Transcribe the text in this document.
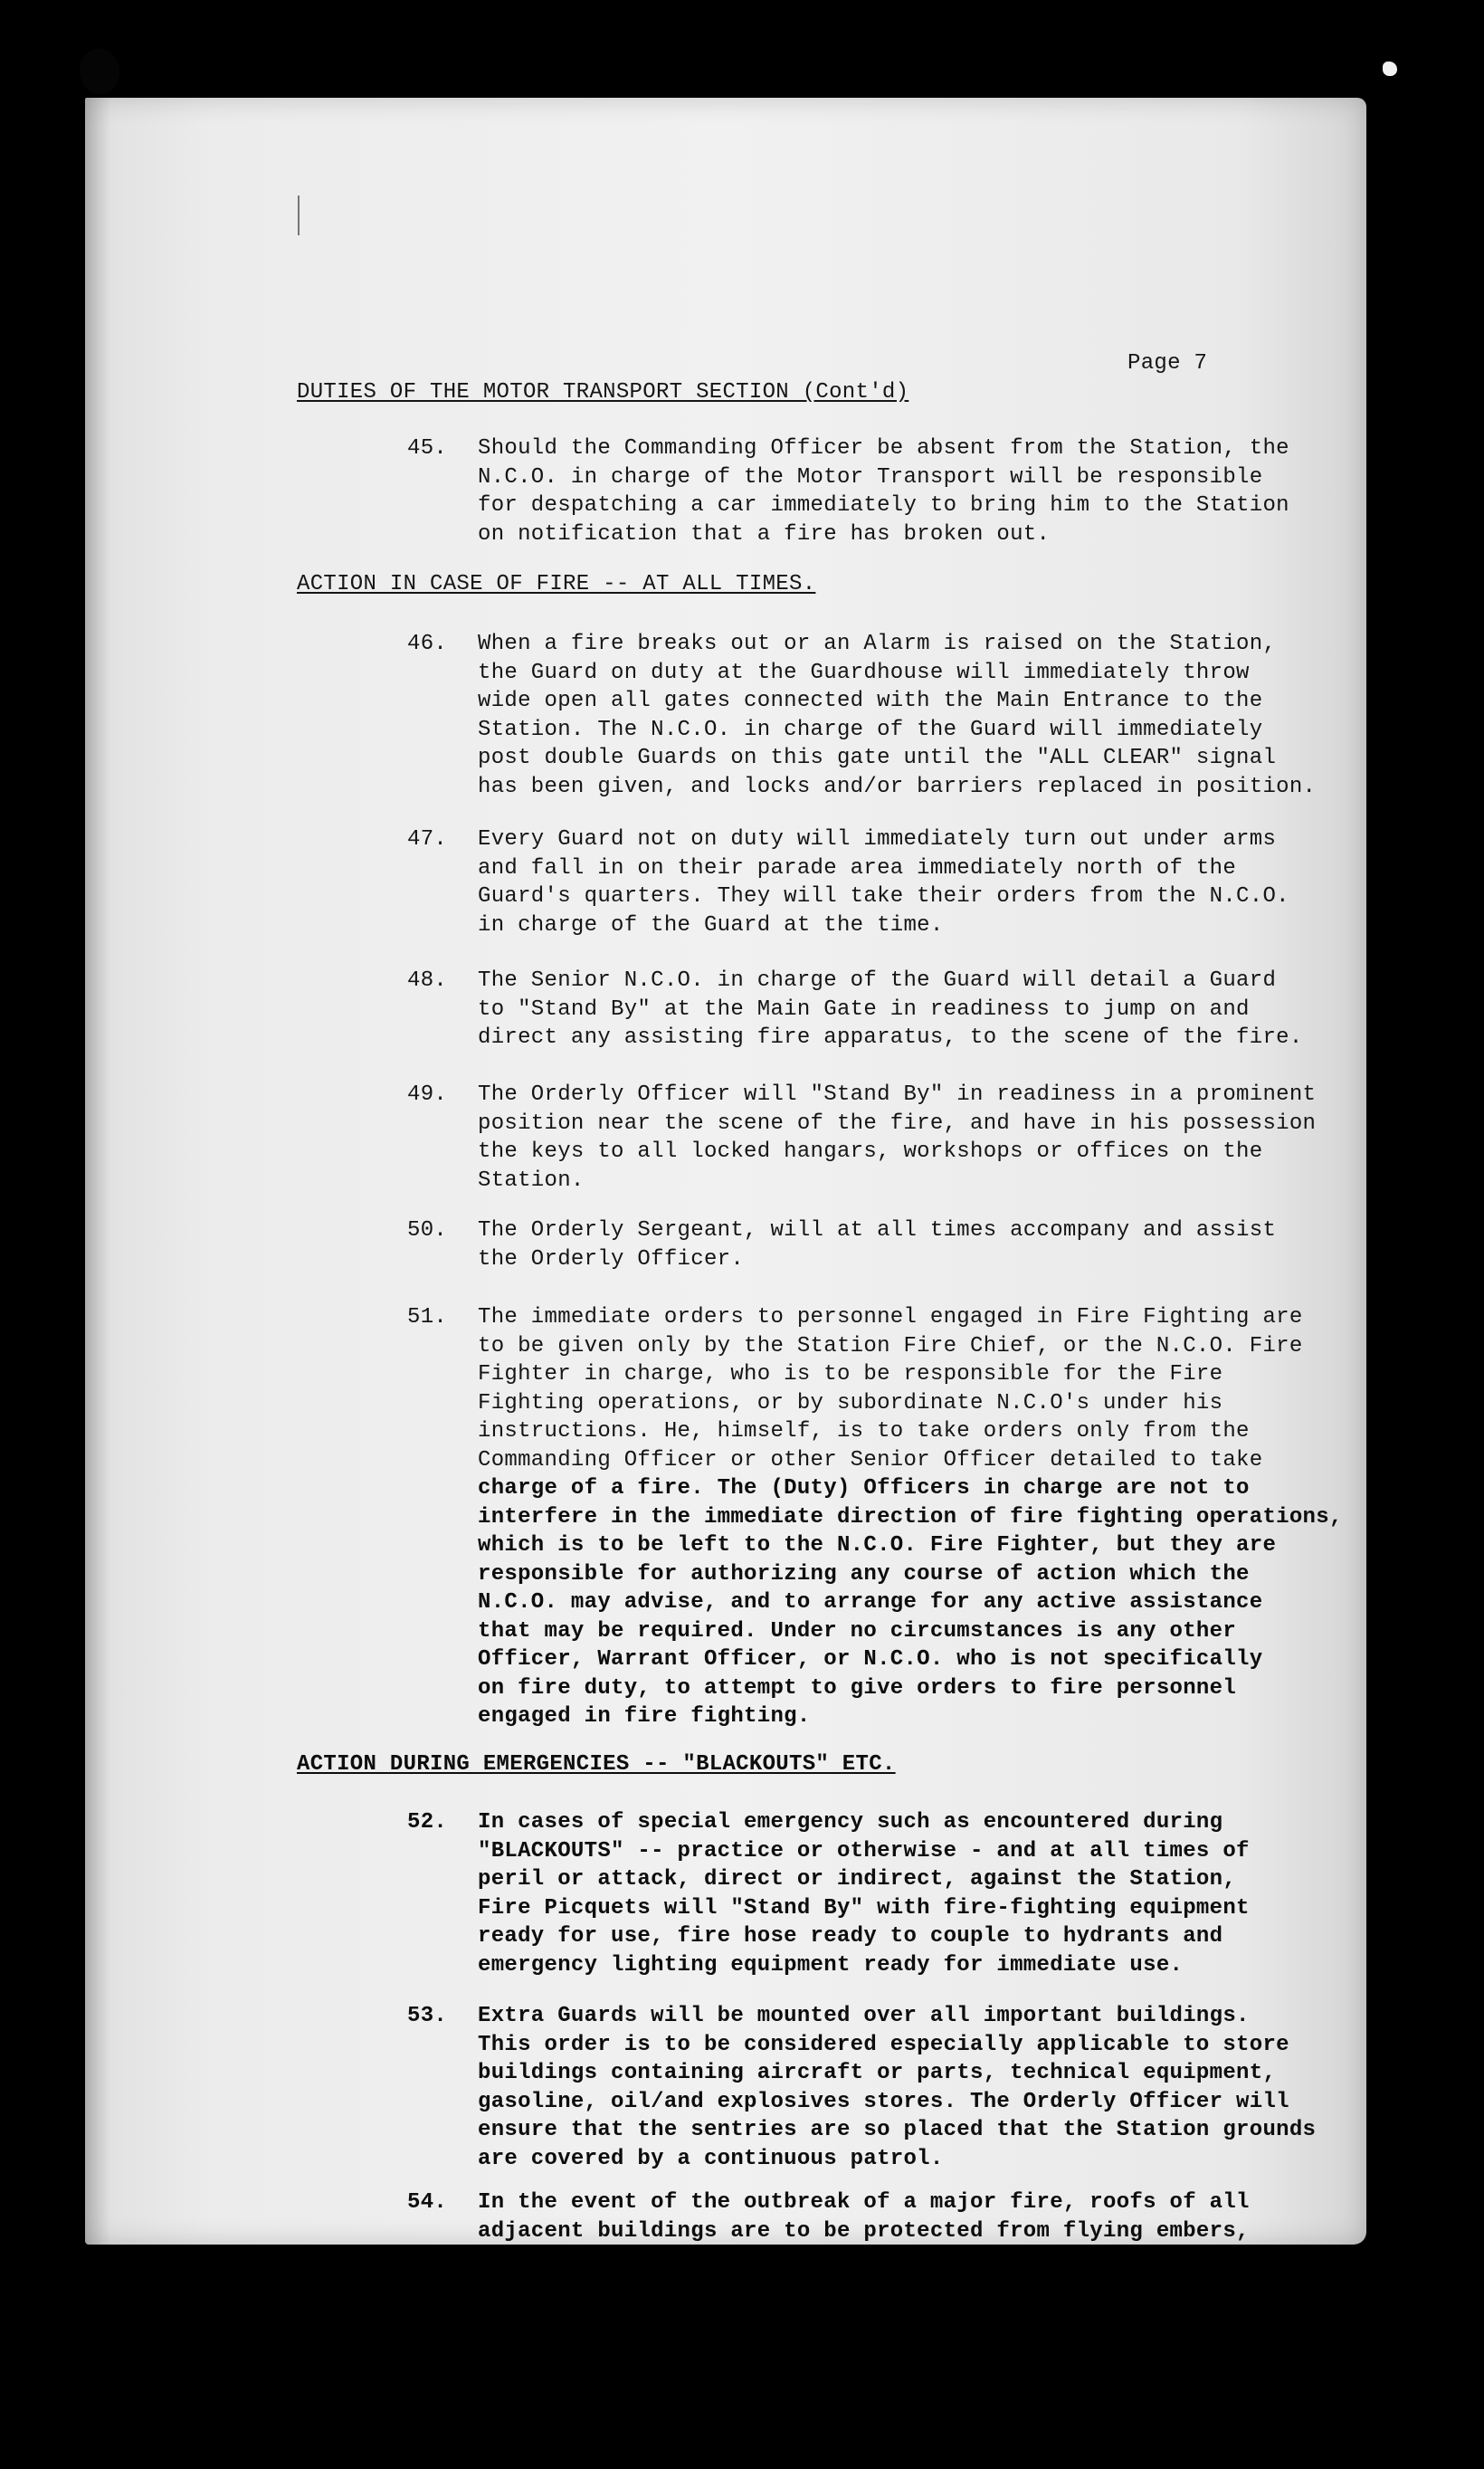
Page 7
DUTIES OF THE MOTOR TRANSPORT SECTION (Cont'd)
45.	Should the Commanding Officer be absent from the Station, the
N.C.O. in charge of the Motor Transport will be responsible
for despatching a car immediately to bring him to the Station
on notification that a fire has broken out.
ACTION IN CASE OF FIRE -- AT ALL TIMES.
46.	When a fire breaks out or an Alarm is raised on the Station,
the Guard on duty at the Guardhouse will immediately throw
wide open all gates connected with the Main Entrance to the
Station. The N.C.O. in charge of the Guard will immediately
post double Guards on this gate until the "ALL CLEAR" signal
has been given, and locks and/or barriers replaced in position.
47.	Every Guard not on duty will immediately turn out under arms
and fall in on their parade area immediately north of the
Guard's quarters. They will take their orders from the N.C.O.
in charge of the Guard at the time.
48.	The Senior N.C.O. in charge of the Guard will detail a Guard
to "Stand By" at the Main Gate in readiness to jump on and
direct any assisting fire apparatus, to the scene of the fire.
49.	The Orderly Officer will "Stand By" in readiness in a prominent
position near the scene of the fire, and have in his possession
the keys to all locked hangars, workshops or offices on the
Station.
50.	The Orderly Sergeant, will at all times accompany and assist
the Orderly Officer.
51.	The immediate orders to personnel engaged in Fire Fighting are
to be given only by the Station Fire Chief, or the N.C.O. Fire
Fighter in charge, who is to be responsible for the Fire
Fighting operations, or by subordinate N.C.O's under his
instructions. He, himself, is to take orders only from the
Commanding Officer or other Senior Officer detailed to take
charge of a fire. The (Duty) Officers in charge are not to
interfere in the immediate direction of fire fighting operations,
which is to be left to the N.C.O. Fire Fighter, but they are
responsible for authorizing any course of action which the
N.C.O. may advise, and to arrange for any active assistance
that may be required. Under no circumstances is any other
Officer, Warrant Officer, or N.C.O. who is not specifically
on fire duty, to attempt to give orders to fire personnel
engaged in fire fighting.
ACTION DURING EMERGENCIES -- "BLACKOUTS" ETC.
52.	In cases of special emergency such as encountered during
"BLACKOUTS" -- practice or otherwise - and at all times of
peril or attack, direct or indirect, against the Station,
Fire Picquets will "Stand By" with fire-fighting equipment
ready for use, fire hose ready to couple to hydrants and
emergency lighting equipment ready for immediate use.
53.	Extra Guards will be mounted over all important buildings.
This order is to be considered especially applicable to store
buildings containing aircraft or parts, technical equipment,
gasoline, oil/and explosives stores. The Orderly Officer will
ensure that the sentries are so placed that the Station grounds
are covered by a continuous patrol.
54.	In the event of the outbreak of a major fire, roofs of all
adjacent buildings are to be protected from flying embers,
